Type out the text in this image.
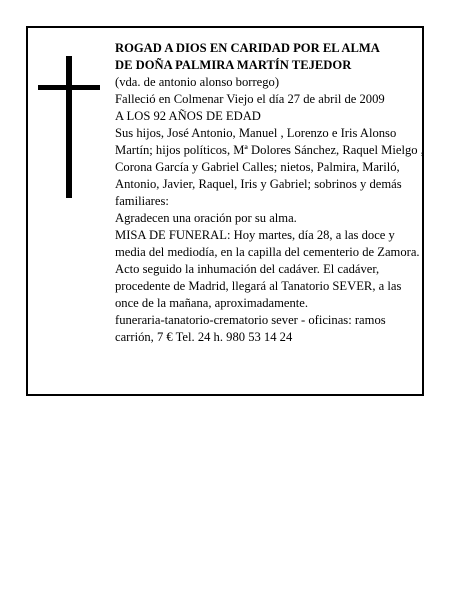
ROGAD A DIOS EN CARIDAD POR EL ALMA

DE DOÑA PALMIRA MARTÍN TEJEDOR

(vda. de antonio alonso borrego)

Falleció en Colmenar Viejo el día 27 de abril de 2009

A LOS 92 AÑOS DE EDAD

Sus hijos, José Antonio, Manuel , Lorenzo e Iris Alonso Martín; hijos políticos, Mª Dolores Sánchez, Raquel Mielgo , Corona García y Gabriel Calles; nietos, Palmira, Mariló, Antonio, Javier, Raquel, Iris y Gabriel; sobrinos y demás familiares:

Agradecen una oración por su alma.

MISA DE FUNERAL: Hoy martes, día 28, a las doce y media del mediodía, en la capilla del cementerio de Zamora. Acto seguido la inhumación del cadáver. El cadáver, procedente de Madrid, llegará al Tanatorio SEVER, a las once de la mañana, aproximadamente.

funeraria-tanatorio-crematorio sever - oficinas: ramos carrión, 7 € Tel. 24 h. 980 53 14 24
